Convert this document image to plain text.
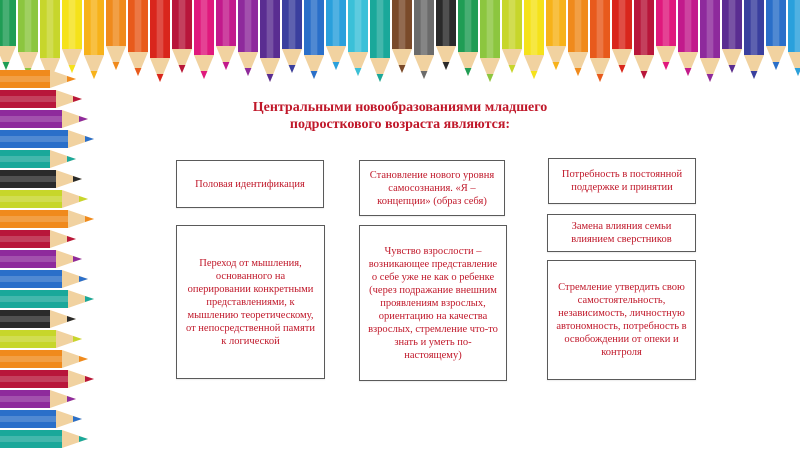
Центральными новообразованиями младшего
подросткового возраста являются:
Половая идентификация
Становление нового уровня самосознания. «Я – концепции» (образ себя)
Потребность в постоянной поддержке и принятии
Переход от мышления, основанного на оперировании конкретными представлениями, к мышлению теоретическому, от непосредственной памяти к логической
Чувство взрослости – возникающее представление о себе уже не как о ребенке (через подражание внешним проявлениям взрослых, ориентацию на качества взрослых, стремление что-то знать и уметь по-настоящему)
Замена влияния семьи влиянием сверстников
Стремление утвердить свою самостоятельность, независимость, личностную автономность, потребность в освобождении от опеки и контроля
